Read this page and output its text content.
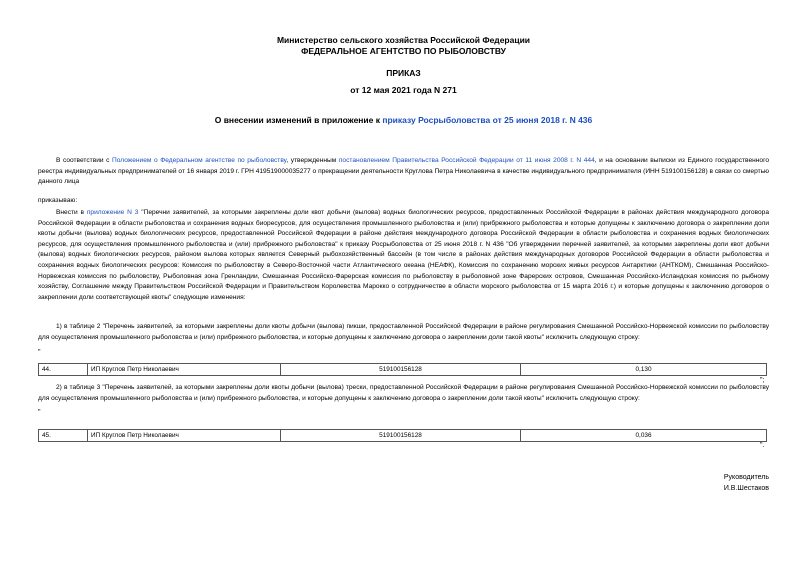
Министерство сельского хозяйства Российской Федерации
ФЕДЕРАЛЬНОЕ АГЕНТСТВО ПО РЫБОЛОВСТВУ
ПРИКАЗ
от 12 мая 2021 года N 271
О внесении изменений в приложение к приказу Росрыболовства от 25 июня 2018 г. N 436
В соответствии с Положением о Федеральном агентстве по рыболовству, утвержденным постановлением Правительства Российской Федерации от 11 июня 2008 г. N 444, и на основании выписки из Единого государственного реестра индивидуальных предпринимателей от 16 января 2019 г. ГРН 419519000035277 о прекращении деятельности Круглова Петра Николаевича в качестве индивидуального предпринимателя (ИНН 519100156128) в связи со смертью данного лица
приказываю:
Внести в приложение N 3 "Перечни заявителей, за которыми закреплены доли квот добычи (вылова) водных биологических ресурсов, предоставленных Российской Федерации в районах действия международного договора Российской Федерации в области рыболовства и сохранения водных биоресурсов, для осуществления промышленного рыболовства и (или) прибрежного рыболовства и которые допущены к заключению договора о закреплении доли квоты добычи (вылова) водных биологических ресурсов, предоставленной Российской Федерации в районе действия международного договора Российской Федерации в области рыболовства и сохранения водных биологических ресурсов, для осуществления промышленного рыболовства и (или) прибрежного рыболовства" к приказу Росрыболовства от 25 июня 2018 г. N 436 "Об утверждении перечней заявителей, за которыми закреплены доли квот добычи (вылова) водных биологических ресурсов, районом вылова которых является Северный рыбохозяйственный бассейн (в том числе в районах действия международных договоров Российской Федерации в области рыболовства и сохранения водных биологических ресурсов: Комиссия по рыболовству в Северо-Восточной части Атлантического океана (НЕАФК), Комиссия по сохранению морских живых ресурсов Антарктики (АНТКОМ), Смешанная Российско-Норвежская комиссия по рыболовству, Рыболовная зона Гренландии, Смешанная Российско-Фарерская комиссия по рыболовству в рыболовной зоне Фарерских островов, Смешанная Российско-Исландская комиссия по рыбному хозяйству, Соглашение между Правительством Российской Федерации и Правительством Королевства Марокко о сотрудничестве в области морского рыболовства от 15 марта 2016 г.) и которые допущены к заключению договоров о закреплении доли соответствующей квоты" следующие изменения:
1) в таблице 2 "Перечень заявителей, за которыми закреплены доли квоты добычи (вылова) пикши, предоставленной Российской Федерации в районе регулирования Смешанной Российско-Норвежской комиссии по рыболовству для осуществления промышленного рыболовства и (или) прибрежного рыболовства, и которые допущены к заключению договора о закреплении доли такой квоты" исключить следующую строку:
"
44.	ИП Круглов Петр Николаевич	519100156128	0,130
";
2) в таблице 3 "Перечень заявителей, за которыми закреплены доли квоты добычи (вылова) трески, предоставленной Российской Федерации в районе регулирования Смешанной Российско-Норвежской комиссии по рыболовству для осуществления промышленного рыболовства и (или) прибрежного рыболовства, и которые допущены к заключению договора о закреплении доли такой квоты" исключить следующую строку:
"
45.	ИП Круглов Петр Николаевич	519100156128	0,036
".
Руководитель
И.В.Шестаков
